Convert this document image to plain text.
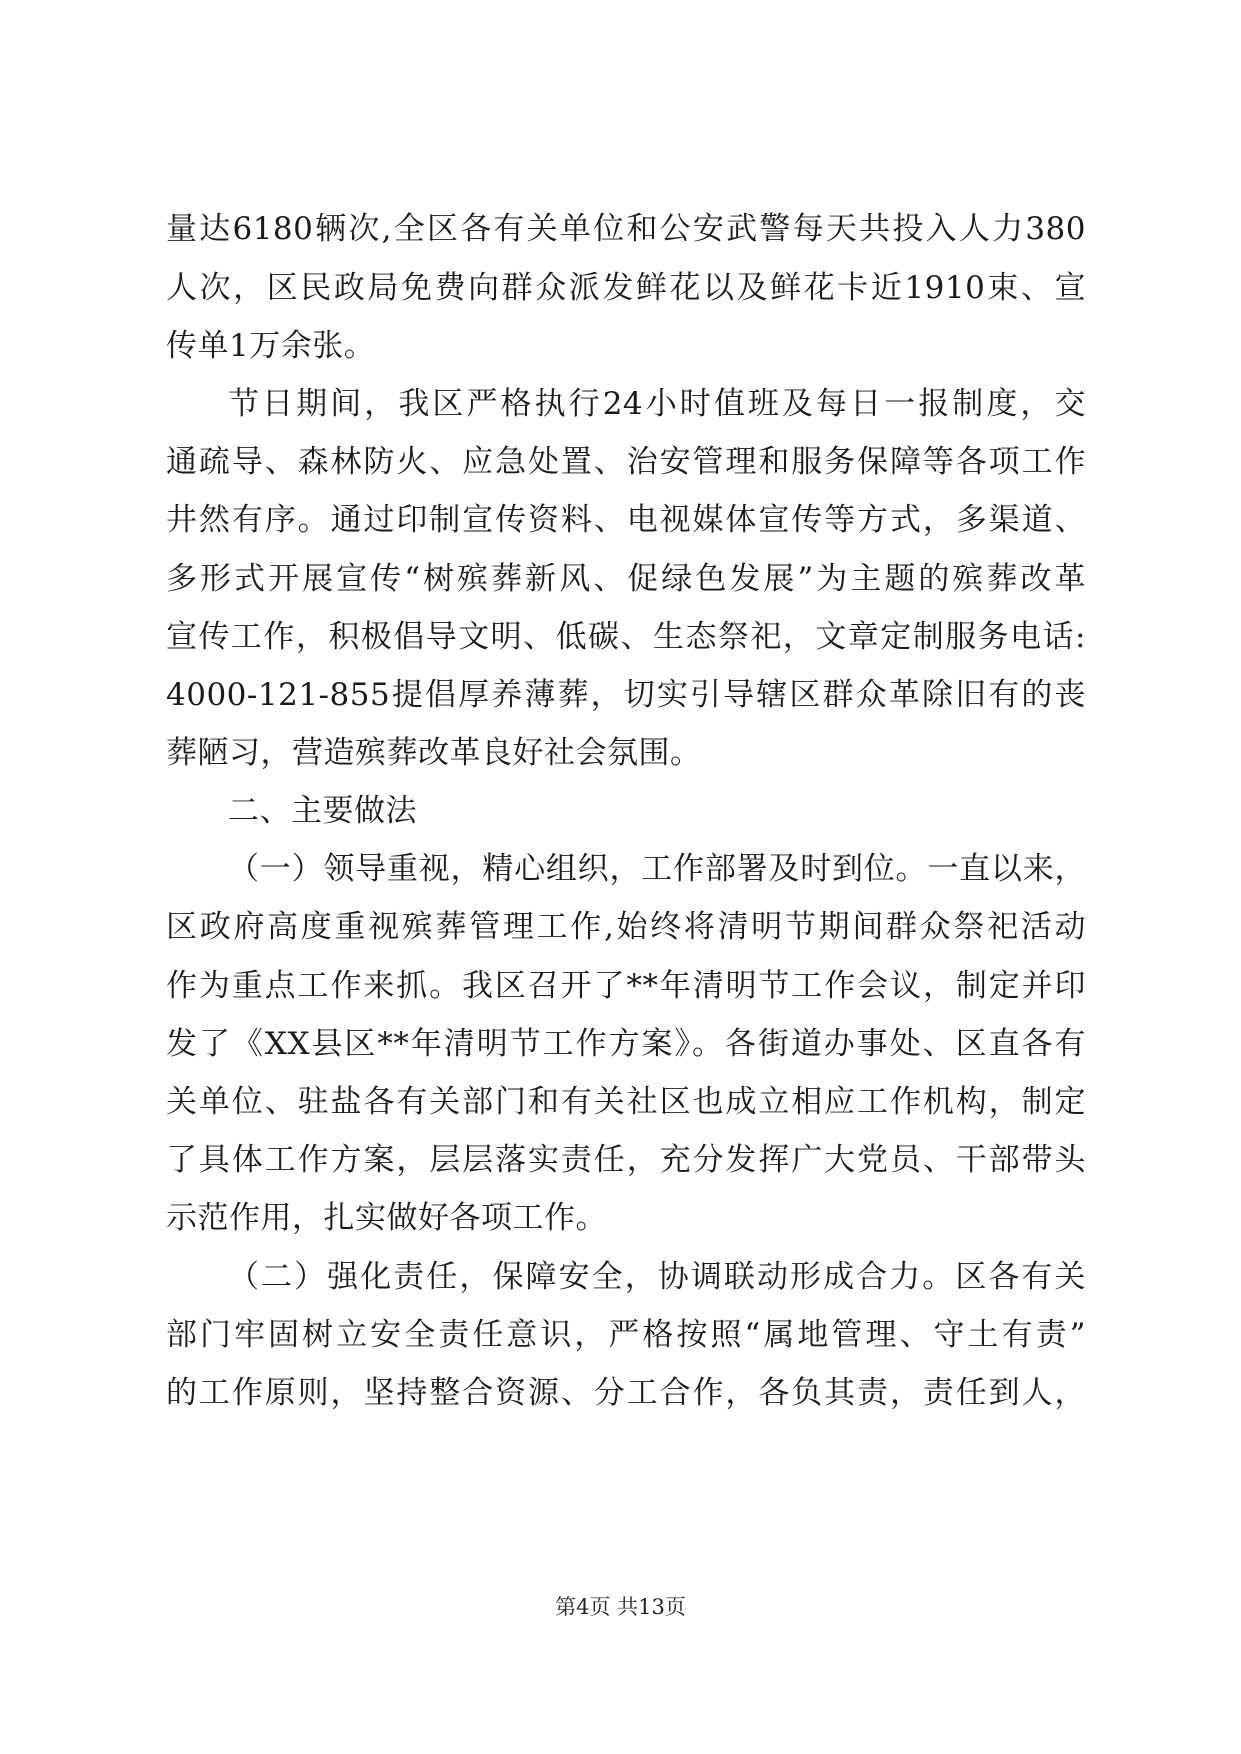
量达6180辆次,全区各有关单位和公安武警每天共投入人力380
人次，区民政局免费向群众派发鲜花以及鲜花卡近1910束、宣
传单1万余张。
节日期间，我区严格执行24小时值班及每日一报制度，交
通疏导、森林防火、应急处置、治安管理和服务保障等各项工作
井然有序。通过印制宣传资料、电视媒体宣传等方式，多渠道、
多形式开展宣传“树殡葬新风、促绿色发展”为主题的殡葬改革
宣传工作，积极倡导文明、低碳、生态祭祀，文章定制服务电话:
4000-121-855提倡厚养薄葬，切实引导辖区群众革除旧有的丧
葬陋习，营造殡葬改革良好社会氛围。
二、主要做法
（一）领导重视，精心组织，工作部署及时到位。一直以来，
区政府高度重视殡葬管理工作,始终将清明节期间群众祭祀活动
作为重点工作来抓。我区召开了**年清明节工作会议，制定并印
发了《XX县区**年清明节工作方案》。各街道办事处、区直各有
关单位、驻盐各有关部门和有关社区也成立相应工作机构，制定
了具体工作方案，层层落实责任，充分发挥广大党员、干部带头
示范作用，扎实做好各项工作。
（二）强化责任，保障安全，协调联动形成合力。区各有关
部门牢固树立安全责任意识，严格按照“属地管理、守土有责”
的工作原则，坚持整合资源、分工合作，各负其责，责任到人，
第4页 共13页
